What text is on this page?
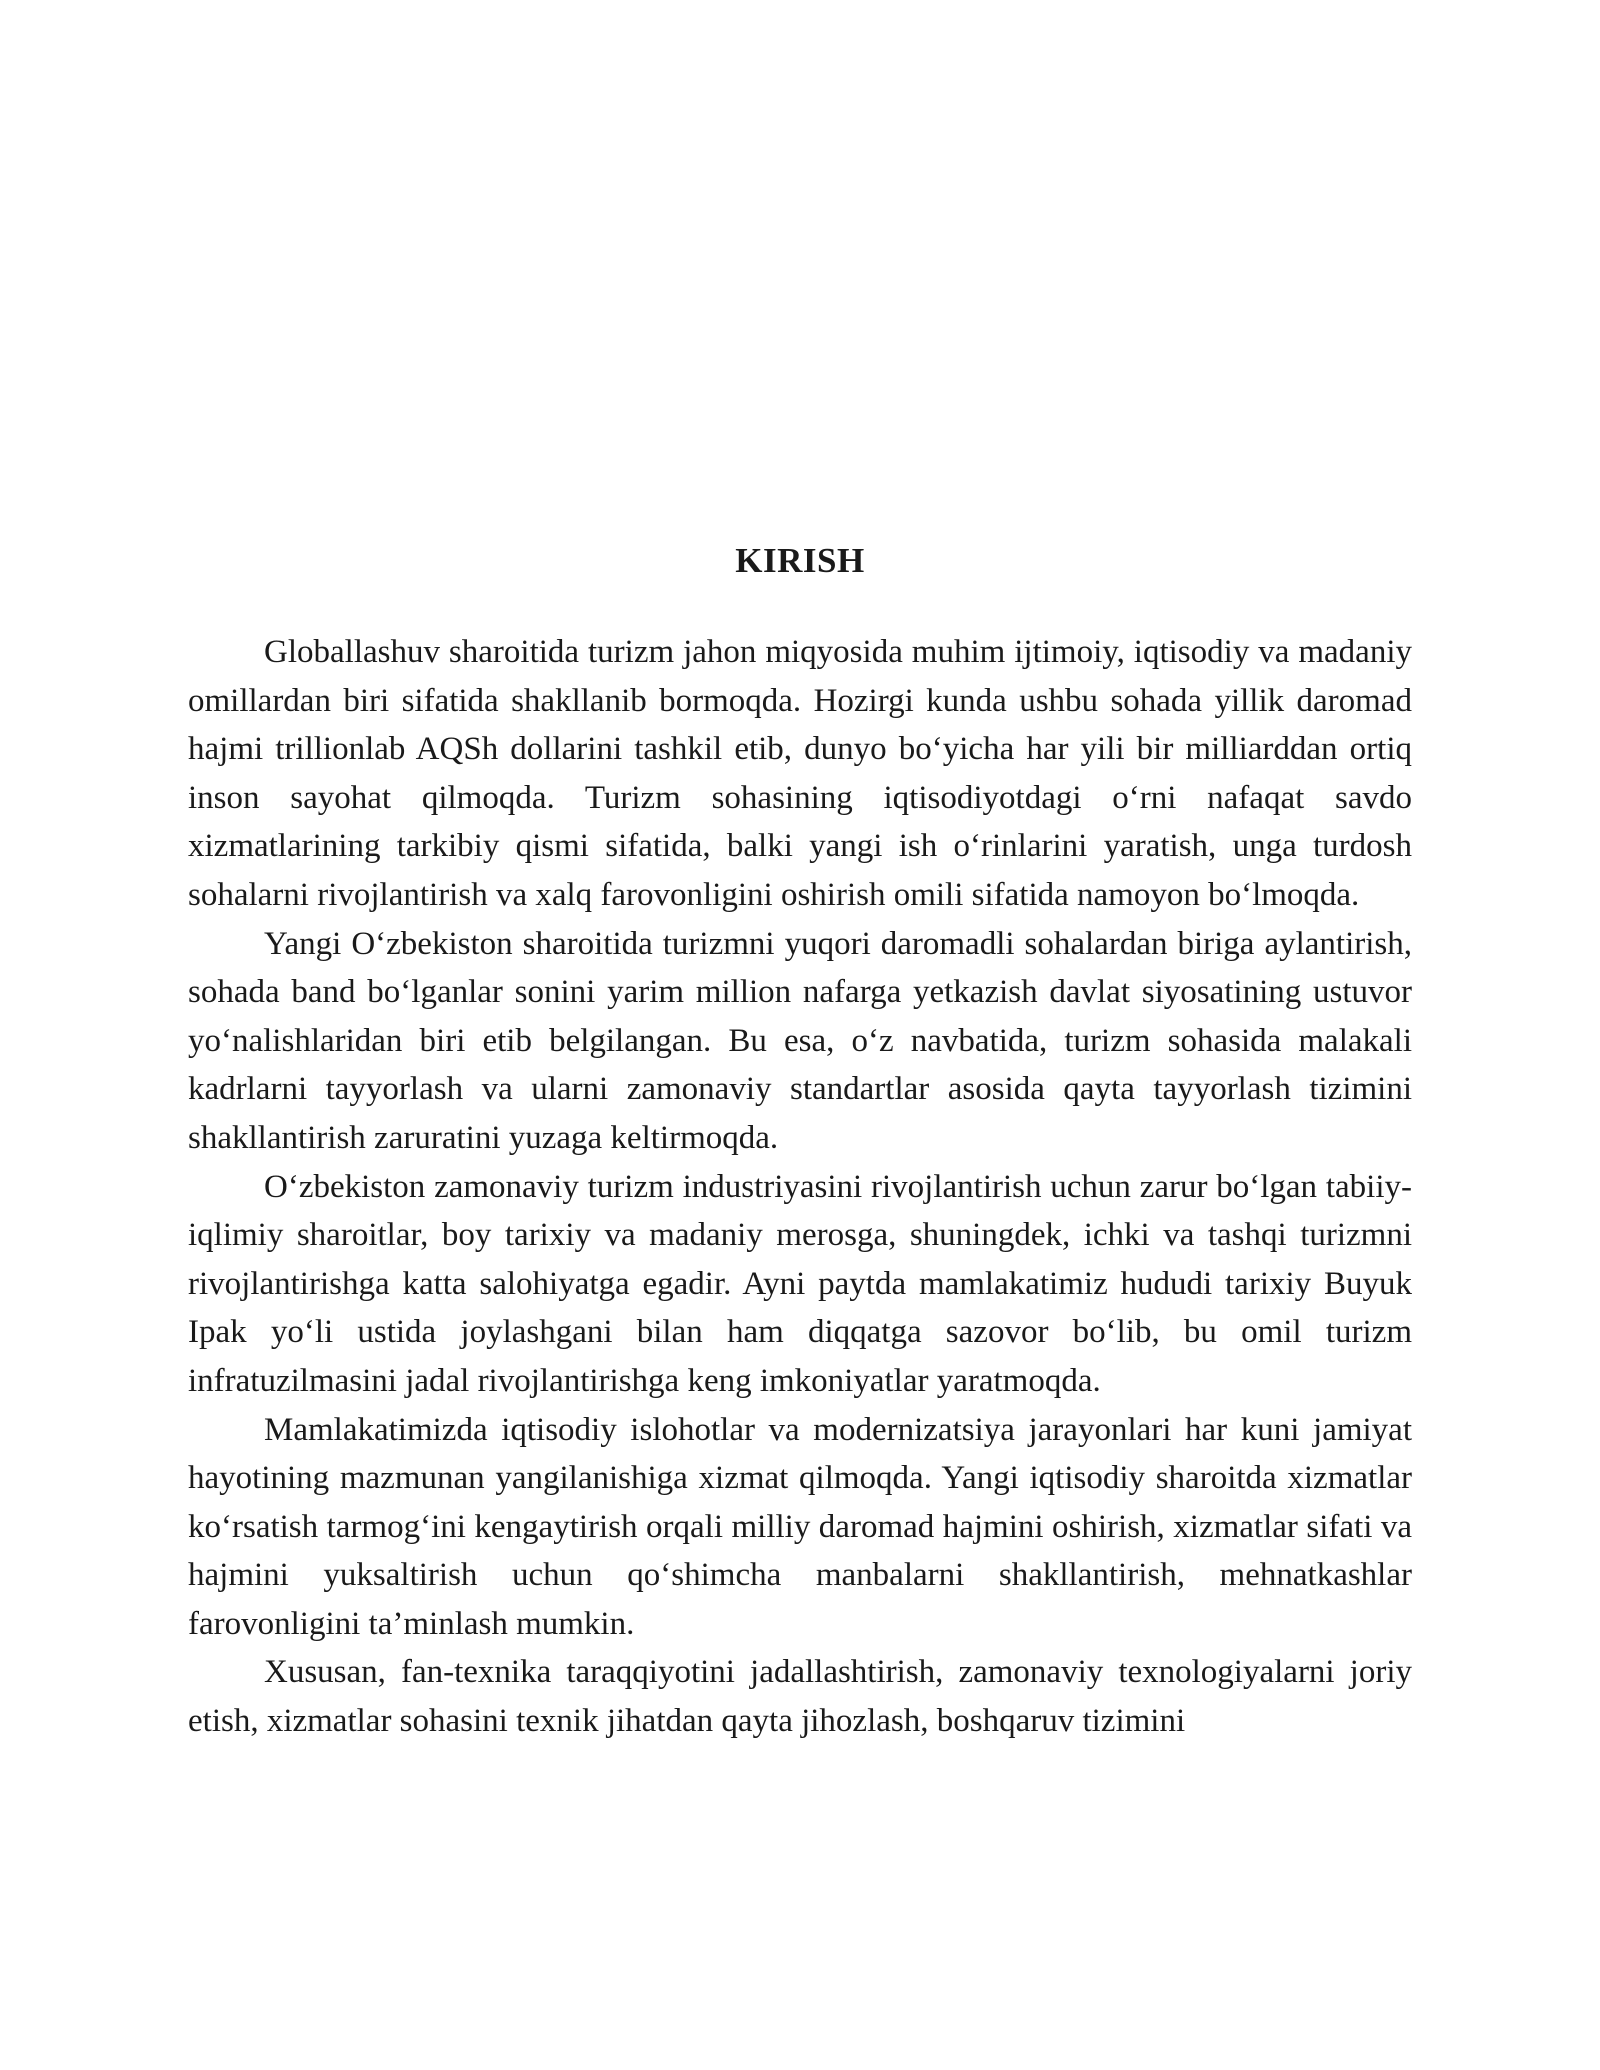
KIRISH

Globallashuv sharoitida turizm jahon miqyosida muhim ijtimoiy, iqtisodiy va madaniy omillardan biri sifatida shakllanib bormoqda. Hozirgi kunda ushbu sohada yillik daromad hajmi trillionlab AQSh dollarini tashkil etib, dunyo bo‘yicha har yili bir milliarddan ortiq inson sayohat qilmoqda. Turizm sohasining iqtisodiyotdagi o‘rni nafaqat savdo xizmatlarining tarkibiy qismi sifatida, balki yangi ish o‘rinlarini yaratish, unga turdosh sohalarni rivojlantirish va xalq farovonligini oshirish omili sifatida namoyon bo‘lmoqda.

Yangi O‘zbekiston sharoitida turizmni yuqori daromadli sohalardan biriga aylantirish, sohada band bo‘lganlar sonini yarim million nafarga yetkazish davlat siyosatining ustuvor yo‘nalishlaridan biri etib belgilangan. Bu esa, o‘z navbatida, turizm sohasida malakali kadrlarni tayyorlash va ularni zamonaviy standartlar asosida qayta tayyorlash tizimini shakllantirish zaruratini yuzaga keltirmoqda.

O‘zbekiston zamonaviy turizm industriyasini rivojlantirish uchun zarur bo‘lgan tabiiy-iqlimiy sharoitlar, boy tarixiy va madaniy merosga, shuningdek, ichki va tashqi turizmni rivojlantirishga katta salohiyatga egadir. Ayni paytda mamlakatimiz hududi tarixiy Buyuk Ipak yo‘li ustida joylashgani bilan ham diqqatga sazovor bo‘lib, bu omil turizm infratuzilmasini jadal rivojlantirishga keng imkoniyatlar yaratmoqda.

Mamlakatimizda iqtisodiy islohotlar va modernizatsiya jarayonlari har kuni jamiyat hayotining mazmunan yangilanishiga xizmat qilmoqda. Yangi iqtisodiy sharoitda xizmatlar ko‘rsatish tarmog‘ini kengaytirish orqali milliy daromad hajmini oshirish, xizmatlar sifati va hajmini yuksaltirish uchun qo‘shimcha manbalarni shakllantirish, mehnatkashlar farovonligini ta’minlash mumkin.

Xususan, fan-texnika taraqqiyotini jadallashtirish, zamonaviy texnologiyalarni joriy etish, xizmatlar sohasini texnik jihatdan qayta jihozlash, boshqaruv tizimini
